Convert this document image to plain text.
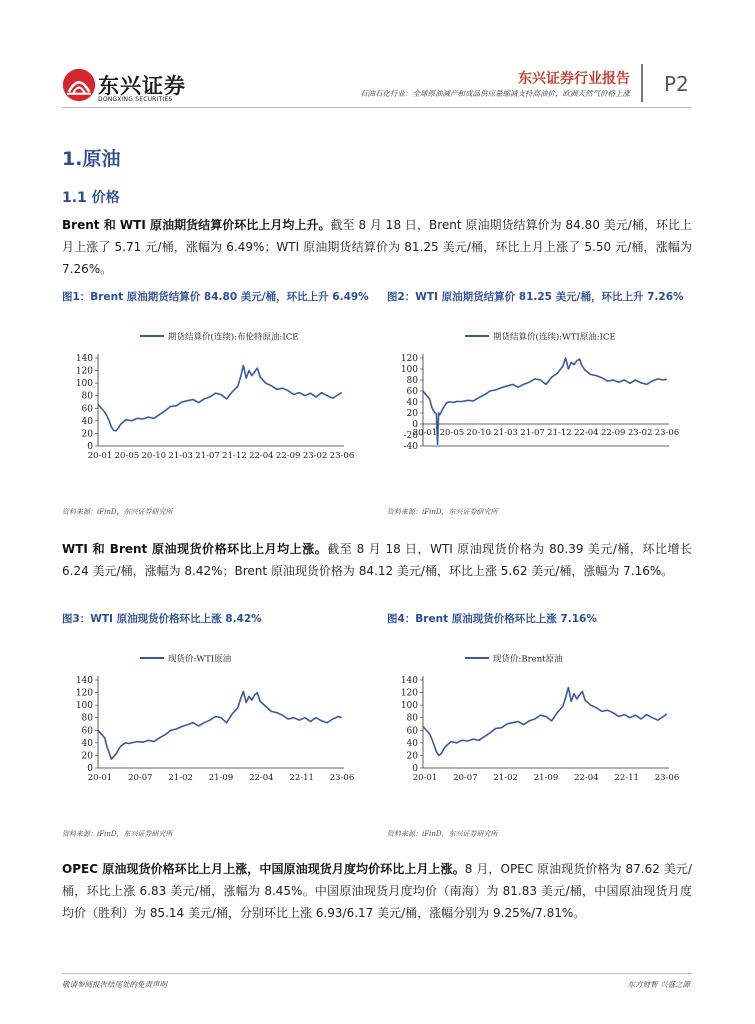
东兴证券
DONGXING SECURITIES
东兴证券行业报告
石油石化行业：全球原油减产和成品供应量缩减支持高油价，欧洲天然气价格上涨 P2
1.原油
1.1 价格
Brent 和 WTI 原油期货结算价环比上月均上升。截至 8 月 18 日，Brent 原油期货结算价为 84.80 美元/桶，环比上月上涨了 5.71 元/桶，涨幅为 6.49%；WTI 原油期货结算价为 81.25 美元/桶，环比上月上涨了 5.50 元/桶，涨幅为 7.26%。
图1：Brent 原油期货结算价 84.80 美元/桶，环比上升 6.49% 图2：WTI 原油期货结算价 81.25 美元/桶，环比上升 7.26%
期货结算价(连续):布伦特原油:ICE
0
20
40
60
80
100
120
140
20-01 20-05 20-10 21-03 21-07 21-12 22-04 22-09 23-02 23-06
期货结算价(连续):WTI原油:ICE
-40
-20
0
20
40
60
80
100
120
20-01 20-05 20-10 21-03 21-07 21-12 22-04 22-09 23-02 23-06
资料来源：iFinD，东兴证券研究所	资料来源：iFinD，东兴证券研究所
WTI 和 Brent 原油现货价格环比上月均上涨。截至 8 月 18 日，WTI 原油现货价格为 80.39 美元/桶，环比增长 6.24 美元/桶，涨幅为 8.42%；Brent 原油现货价格为 84.12 美元/桶，环比上涨 5.62 美元/桶，涨幅为 7.16%。
图3：WTI 原油现货价格环比上涨 8.42%	图4：Brent 原油现货价格环比上涨 7.16%
现货价:WTI原油
0
20
40
60
80
100
120
140
20-01 20-07 21-02 21-09 22-04 22-11 23-06
现货价:Brent原油
0
20
40
60
80
100
120
140
20-01 20-07 21-02 21-09 22-04 22-11 23-06
资料来源：iFinD，东兴证券研究所	资料来源：iFinD，东兴证券研究所
OPEC 原油现货价格环比上月上涨，中国原油现货月度均价环比上月上涨。8 月，OPEC 原油现货价格为 87.62 美元/桶，环比上涨 6.83 美元/桶，涨幅为 8.45%。中国原油现货月度均价（南海）为 81.83 美元/桶，中国原油现货月度均价（胜利）为 85.14 美元/桶，分别环比上涨 6.93/6.17 美元/桶，涨幅分别为 9.25%/7.81%。
敬请参阅报告结尾处的免责声明	东方财智 兴盛之源
